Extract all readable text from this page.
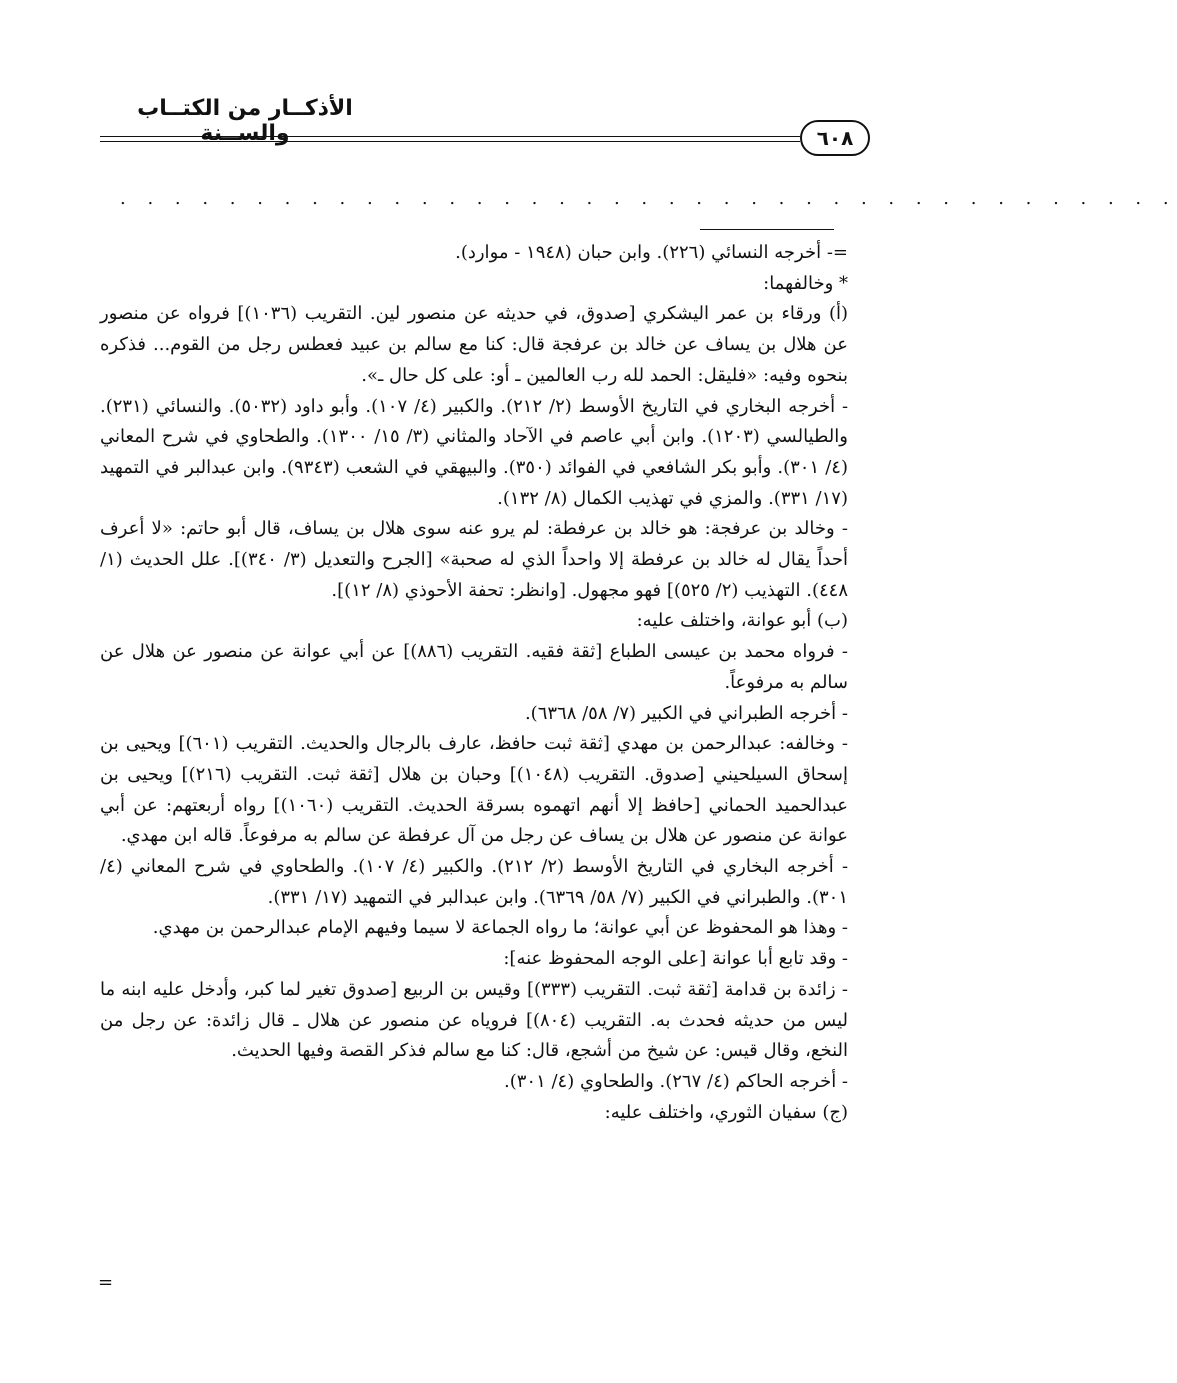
الأذكــار من الكتــاب والســنة	٦٠٨
. . . . . . . . . . . . . . . . . . . . . . . . . . . . . . . . . . . . . . .

=- أخرجه النسائي (٢٢٦). وابن حبان (١٩٤٨ - موارد).

* وخالفهما:

(أ) ورقاء بن عمر اليشكري [صدوق، في حديثه عن منصور لين. التقريب (١٠٣٦)] فرواه عن منصور عن هلال بن يساف عن خالد بن عرفجة قال: كنا مع سالم بن عبيد فعطس رجل من القوم... فذكره بنحوه وفيه: «فليقل: الحمد لله رب العالمين ـ أو: على كل حال ـ».

- أخرجه البخاري في التاريخ الأوسط (٢/ ٢١٢). والكبير (٤/ ١٠٧). وأبو داود (٥٠٣٢). والنسائي (٢٣١). والطيالسي (١٢٠٣). وابن أبي عاصم في الآحاد والمثاني (٣/ ١٥/ ١٣٠٠). والطحاوي في شرح المعاني (٤/ ٣٠١). وأبو بكر الشافعي في الفوائد (٣٥٠). والبيهقي في الشعب (٩٣٤٣). وابن عبدالبر في التمهيد (١٧/ ٣٣١). والمزي في تهذيب الكمال (٨/ ١٣٢).

- وخالد بن عرفجة: هو خالد بن عرفطة: لم يرو عنه سوى هلال بن يساف، قال أبو حاتم: «لا أعرف أحداً يقال له خالد بن عرفطة إلا واحداً الذي له صحبة» [الجرح والتعديل (٣/ ٣٤٠)]. علل الحديث (١/ ٤٤٨). التهذيب (٢/ ٥٢٥)] فهو مجهول. [وانظر: تحفة الأحوذي (٨/ ١٢)].

(ب) أبو عوانة، واختلف عليه:

- فرواه محمد بن عيسى الطباع [ثقة فقيه. التقريب (٨٨٦)] عن أبي عوانة عن منصور عن هلال عن سالم به مرفوعاً.

- أخرجه الطبراني في الكبير (٧/ ٥٨/ ٦٣٦٨).

- وخالفه: عبدالرحمن بن مهدي [ثقة ثبت حافظ، عارف بالرجال والحديث. التقريب (٦٠١)] ويحيى بن إسحاق السيلحيني [صدوق. التقريب (١٠٤٨)] وحبان بن هلال [ثقة ثبت. التقريب (٢١٦)] ويحيى بن عبدالحميد الحماني [حافظ إلا أنهم اتهموه بسرقة الحديث. التقريب (١٠٦٠)] رواه أربعتهم: عن أبي عوانة عن منصور عن هلال بن يساف عن رجل من آل عرفطة عن سالم به مرفوعاً. قاله ابن مهدي.

- أخرجه البخاري في التاريخ الأوسط (٢/ ٢١٢). والكبير (٤/ ١٠٧). والطحاوي في شرح المعاني (٤/ ٣٠١). والطبراني في الكبير (٧/ ٥٨/ ٦٣٦٩). وابن عبدالبر في التمهيد (١٧/ ٣٣١).

- وهذا هو المحفوظ عن أبي عوانة؛ ما رواه الجماعة لا سيما وفيهم الإمام عبدالرحمن بن مهدي.

- وقد تابع أبا عوانة [على الوجه المحفوظ عنه]:

- زائدة بن قدامة [ثقة ثبت. التقريب (٣٣٣)] وقيس بن الربيع [صدوق تغير لما كبر، وأدخل عليه ابنه ما ليس من حديثه فحدث به. التقريب (٨٠٤)] فروياه عن منصور عن هلال ـ قال زائدة: عن رجل من النخع، وقال قيس: عن شيخ من أشجع، قال: كنا مع سالم فذكر القصة وفيها الحديث.

- أخرجه الحاكم (٤/ ٢٦٧). والطحاوي (٤/ ٣٠١).

(ج) سفيان الثوري، واختلف عليه:

=
